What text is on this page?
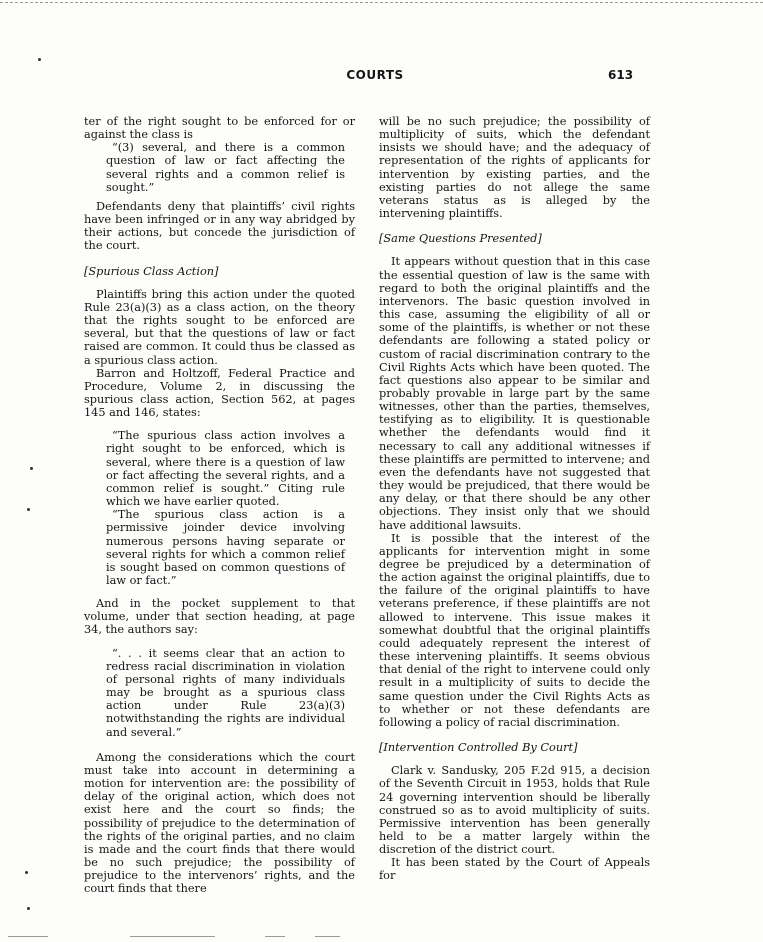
COURTS	613

ter of the right sought to be enforced for or against the class is

“(3) several, and there is a common question of law or fact affecting the several rights and a common relief is sought.”

Defendants deny that plaintiffs’ civil rights have been infringed or in any way abridged by their actions, but concede the jurisdiction of the court.

[Spurious Class Action]

Plaintiffs bring this action under the quoted Rule 23(a)(3) as a class action, on the theory that the rights sought to be enforced are several, but that the questions of law or fact raised are common. It could thus be classed as a spurious class action.

Barron and Holtzoff, Federal Practice and Procedure, Volume 2, in discussing the spurious class action, Section 562, at pages 145 and 146, states:

“The spurious class action involves a right sought to be enforced, which is several, where there is a question of law or fact affecting the several rights, and a common relief is sought.” Citing rule which we have earlier quoted.

“The spurious class action is a permissive joinder device involving numerous persons having separate or several rights for which a common relief is sought based on common questions of law or fact.”

And in the pocket supplement to that volume, under that section heading, at page 34, the authors say:

“. . . it seems clear that an action to redress racial discrimination in violation of personal rights of many individuals may be brought as a spurious class action under Rule 23(a)(3) notwithstanding the rights are individual and several.”

Among the considerations which the court must take into account in determining a motion for intervention are: the possibility of delay of the original action, which does not exist here and the court so finds; the possibility of prejudice to the determination of the rights of the original parties, and no claim is made and the court finds that there would be no such prejudice; the possibility of prejudice to the intervenors’ rights, and the court finds that there

will be no such prejudice; the possibility of multiplicity of suits, which the defendant insists we should have; and the adequacy of representation of the rights of applicants for intervention by existing parties, and the existing parties do not allege the same veterans status as is alleged by the intervening plaintiffs.

[Same Questions Presented]

It appears without question that in this case the essential question of law is the same with regard to both the original plaintiffs and the intervenors. The basic question involved in this case, assuming the eligibility of all or some of the plaintiffs, is whether or not these defendants are following a stated policy or custom of racial discrimination contrary to the Civil Rights Acts which have been quoted. The fact questions also appear to be similar and probably provable in large part by the same witnesses, other than the parties, themselves, testifying as to eligibility. It is questionable whether the defendants would find it necessary to call any additional witnesses if these plaintiffs are permitted to intervene; and even the defendants have not suggested that they would be prejudiced, that there would be any delay, or that there should be any other objections. They insist only that we should have additional lawsuits.

It is possible that the interest of the applicants for intervention might in some degree be prejudiced by a determination of the action against the original plaintiffs, due to the failure of the original plaintiffs to have veterans preference, if these plaintiffs are not allowed to intervene. This issue makes it somewhat doubtful that the original plaintiffs could adequately represent the interest of these intervening plaintiffs. It seems obvious that denial of the right to intervene could only result in a multiplicity of suits to decide the same question under the Civil Rights Acts as to whether or not these defendants are following a policy of racial discrimination.

[Intervention Controlled By Court]

Clark v. Sandusky, 205 F.2d 915, a decision of the Seventh Circuit in 1953, holds that Rule 24 governing intervention should be liberally construed so as to avoid multiplicity of suits. Permissive intervention has been generally held to be a matter largely within the discretion of the district court.

It has been stated by the Court of Appeals for
